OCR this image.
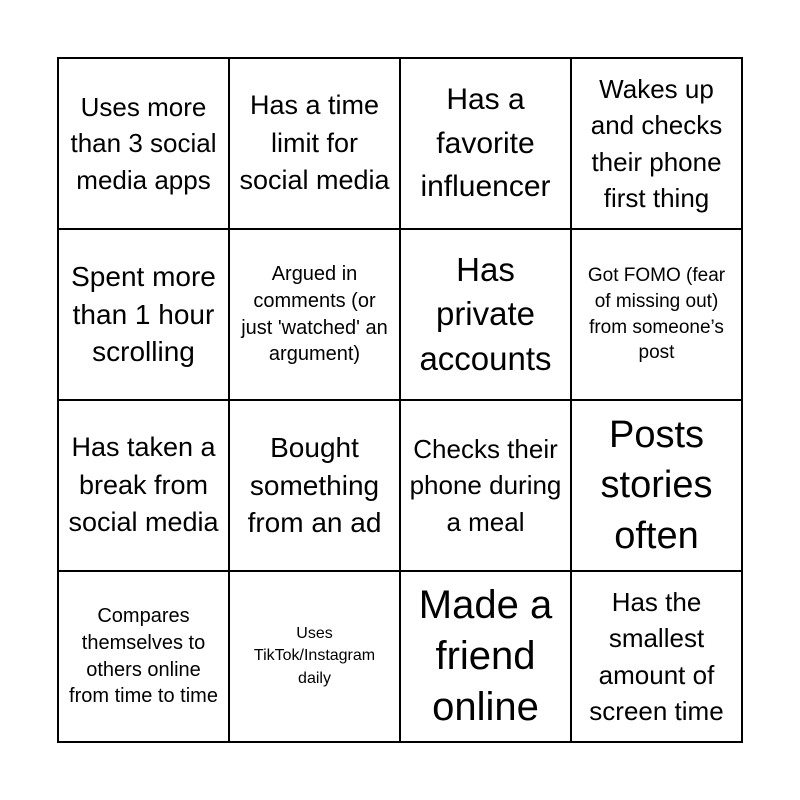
Uses more than 3 social media apps
Has a time limit for social media
Has a favorite influencer
Wakes up and checks their phone first thing
Spent more than 1 hour scrolling
Argued in comments (or just 'watched' an argument)
Has private accounts
Got FOMO (fear of missing out) from someone’s post
Has taken a break from social media
Bought something from an ad
Checks their phone during a meal
Posts stories often
Compares themselves to others online from time to time
Uses TikTok/Instagram daily
Made a friend online
Has the smallest amount of screen time
